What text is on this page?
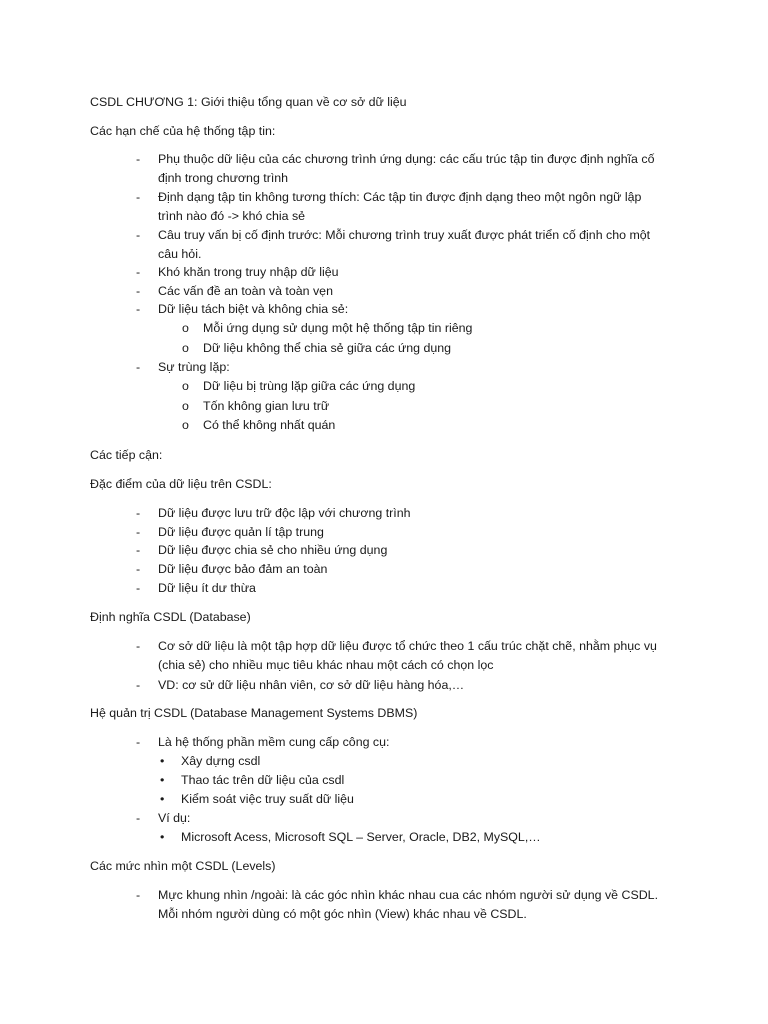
CSDL CHƯƠNG 1: Giới thiệu tổng quan về cơ sở dữ liệu
Các hạn chế của hệ thống tập tin:
- Phụ thuộc dữ liệu của các chương trình ứng dụng: các cấu trúc tập tin được định nghĩa cố
định trong chương trình
- Định dạng tập tin không tương thích: Các tập tin được định dạng theo một ngôn ngữ lập
trình nào đó -> khó chia sẻ
- Câu truy vấn bị cố định trước: Mỗi chương trình truy xuất được phát triển cố định cho một
câu hỏi.
- Khó khăn trong truy nhập dữ liệu
- Các vấn đề an toàn và toàn vẹn
- Dữ liệu tách biệt và không chia sẻ:
o Mỗi ứng dụng sử dụng một hệ thống tập tin riêng
o Dữ liệu không thể chia sẻ giữa các ứng dụng
- Sự trùng lặp:
o Dữ liệu bị trùng lặp giữa các ứng dụng
o Tốn không gian lưu trữ
o Có thể không nhất quán
Các tiếp cận:
Đặc điểm của dữ liệu trên CSDL:
- Dữ liệu được lưu trữ độc lập với chương trình
- Dữ liệu được quản lí tập trung
- Dữ liệu được chia sẻ cho nhiều ứng dụng
- Dữ liệu được bảo đảm an toàn
- Dữ liệu ít dư thừa
Định nghĩa CSDL (Database)
- Cơ sở dữ liệu là một tập hợp dữ liệu được tổ chức theo 1 cấu trúc chặt chẽ, nhằm phục vụ
(chia sẻ) cho nhiều mục tiêu khác nhau một cách có chọn lọc
- VD: cơ sử dữ liệu nhân viên, cơ sở dữ liệu hàng hóa,…
Hệ quản trị CSDL (Database Management Systems DBMS)
- Là hệ thống phần mềm cung cấp công cụ:
• Xây dựng csdl
• Thao tác trên dữ liệu của csdl
• Kiểm soát việc truy suất dữ liệu
- Ví dụ:
• Microsoft Acess, Microsoft SQL – Server, Oracle, DB2, MySQL,…
Các mức nhìn một CSDL (Levels)
- Mực khung nhìn /ngoài: là các góc nhìn khác nhau cua các nhóm người sử dụng về CSDL.
Mỗi nhóm người dùng có một góc nhìn (View) khác nhau về CSDL.
